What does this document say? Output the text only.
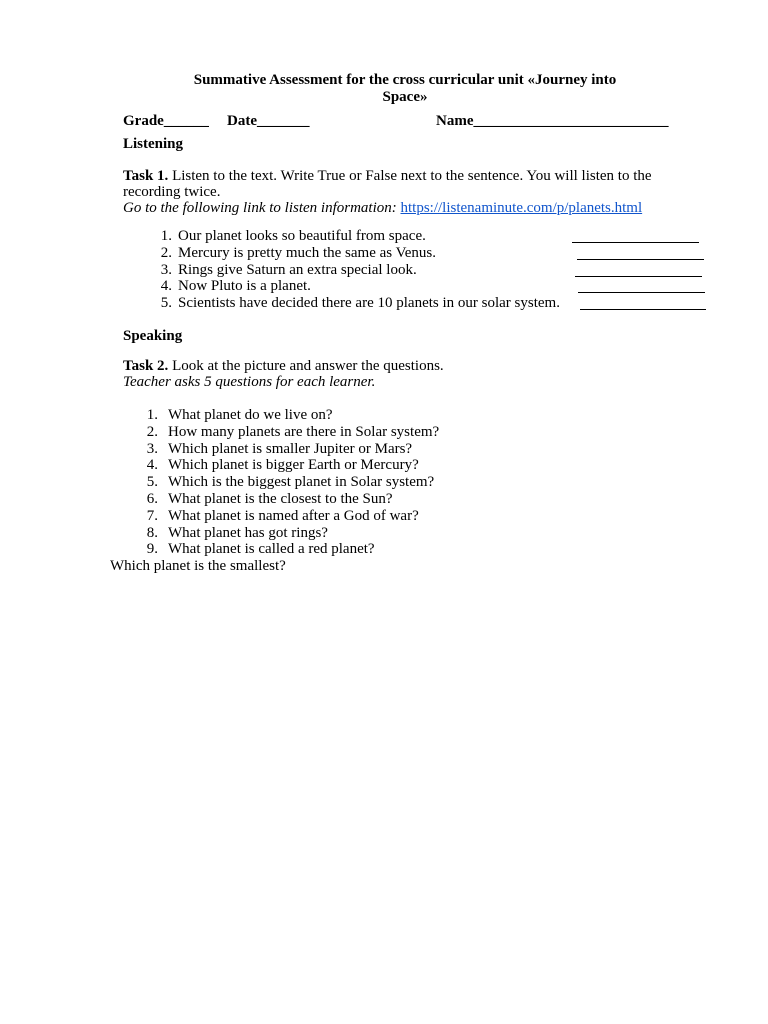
Summative Assessment for the cross curricular unit «Journey into Space»
Grade______ Date_______	Name__________________________
Listening
Task 1. Listen to the text. Write True or False next to the sentence. You will listen to the
recording twice.
Go to the following link to listen information: https://listenaminute.com/p/planets.html
1. Our planet looks so beautiful from space.
2. Mercury is pretty much the same as Venus.
3. Rings give Saturn an extra special look.
4. Now Pluto is a planet.
5. Scientists have decided there are 10 planets in our solar system.
Speaking
Task 2. Look at the picture and answer the questions.
Teacher asks 5 questions for each learner.
1. What planet do we live on?
2. How many planets are there in Solar system?
3. Which planet is smaller Jupiter or Mars?
4. Which planet is bigger Earth or Mercury?
5. Which is the biggest planet in Solar system?
6. What planet is the closest to the Sun?
7. What planet is named after a God of war?
8. What planet has got rings?
9. What planet is called a red planet?
Which planet is the smallest?
